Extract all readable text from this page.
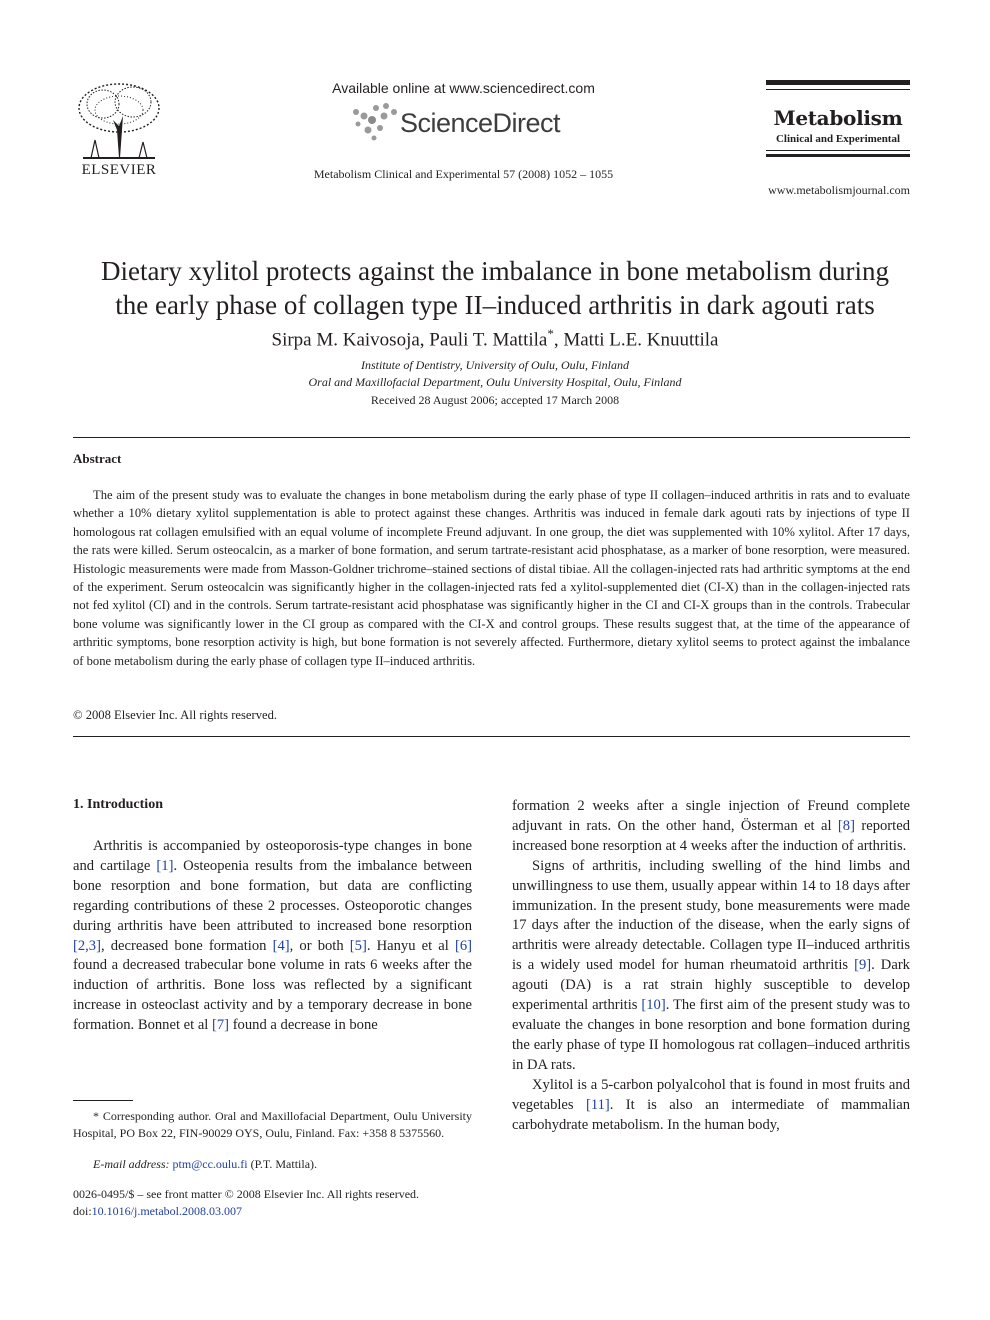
ELSEVIER
Available online at www.sciencedirect.com
ScienceDirect
Metabolism Clinical and Experimental 57 (2008) 1052 – 1055
Metabolism
Clinical and Experimental
www.metabolismjournal.com
Dietary xylitol protects against the imbalance in bone metabolism during
the early phase of collagen type II–induced arthritis in dark agouti rats
Sirpa M. Kaivosoja, Pauli T. Mattila*, Matti L.E. Knuuttila
Institute of Dentistry, University of Oulu, Oulu, Finland
Oral and Maxillofacial Department, Oulu University Hospital, Oulu, Finland
Received 28 August 2006; accepted 17 March 2008
Abstract
The aim of the present study was to evaluate the changes in bone metabolism during the early phase of type II collagen–induced arthritis in rats and to evaluate whether a 10% dietary xylitol supplementation is able to protect against these changes. Arthritis was induced in female dark agouti rats by injections of type II homologous rat collagen emulsified with an equal volume of incomplete Freund adjuvant. In one group, the diet was supplemented with 10% xylitol. After 17 days, the rats were killed. Serum osteocalcin, as a marker of bone formation, and serum tartrate-resistant acid phosphatase, as a marker of bone resorption, were measured. Histologic measurements were made from Masson-Goldner trichrome–stained sections of distal tibiae. All the collagen-injected rats had arthritic symptoms at the end of the experiment. Serum osteocalcin was significantly higher in the collagen-injected rats fed a xylitol-supplemented diet (CI-X) than in the collagen-injected rats not fed xylitol (CI) and in the controls. Serum tartrate-resistant acid phosphatase was significantly higher in the CI and CI-X groups than in the controls. Trabecular bone volume was significantly lower in the CI group as compared with the CI-X and control groups. These results suggest that, at the time of the appearance of arthritic symptoms, bone resorption activity is high, but bone formation is not severely affected. Furthermore, dietary xylitol seems to protect against the imbalance of bone metabolism during the early phase of collagen type II–induced arthritis.
© 2008 Elsevier Inc. All rights reserved.
1. Introduction
Arthritis is accompanied by osteoporosis-type changes in bone and cartilage [1]. Osteopenia results from the imbalance between bone resorption and bone formation, but data are conflicting regarding contributions of these 2 processes. Osteoporotic changes during arthritis have been attributed to increased bone resorption [2,3], decreased bone formation [4], or both [5]. Hanyu et al [6] found a decreased trabecular bone volume in rats 6 weeks after the induction of arthritis. Bone loss was reflected by a significant increase in osteoclast activity and by a temporary decrease in bone formation. Bonnet et al [7] found a decrease in bone

formation 2 weeks after a single injection of Freund complete adjuvant in rats. On the other hand, Österman et al [8] reported increased bone resorption at 4 weeks after the induction of arthritis.

Signs of arthritis, including swelling of the hind limbs and unwillingness to use them, usually appear within 14 to 18 days after immunization. In the present study, bone measurements were made 17 days after the induction of the disease, when the early signs of arthritis were already detectable. Collagen type II–induced arthritis is a widely used model for human rheumatoid arthritis [9]. Dark agouti (DA) is a rat strain highly susceptible to develop experimental arthritis [10]. The first aim of the present study was to evaluate the changes in bone resorption and bone formation during the early phase of type II homologous rat collagen–induced arthritis in DA rats.

Xylitol is a 5-carbon polyalcohol that is found in most fruits and vegetables [11]. It is also an intermediate of mammalian carbohydrate metabolism. In the human body,

* Corresponding author. Oral and Maxillofacial Department, Oulu University Hospital, PO Box 22, FIN-90029 OYS, Oulu, Finland. Fax: +358 8 5375560.
E-mail address: ptm@cc.oulu.fi (P.T. Mattila).
0026-0495/$ – see front matter © 2008 Elsevier Inc. All rights reserved.
doi:10.1016/j.metabol.2008.03.007
